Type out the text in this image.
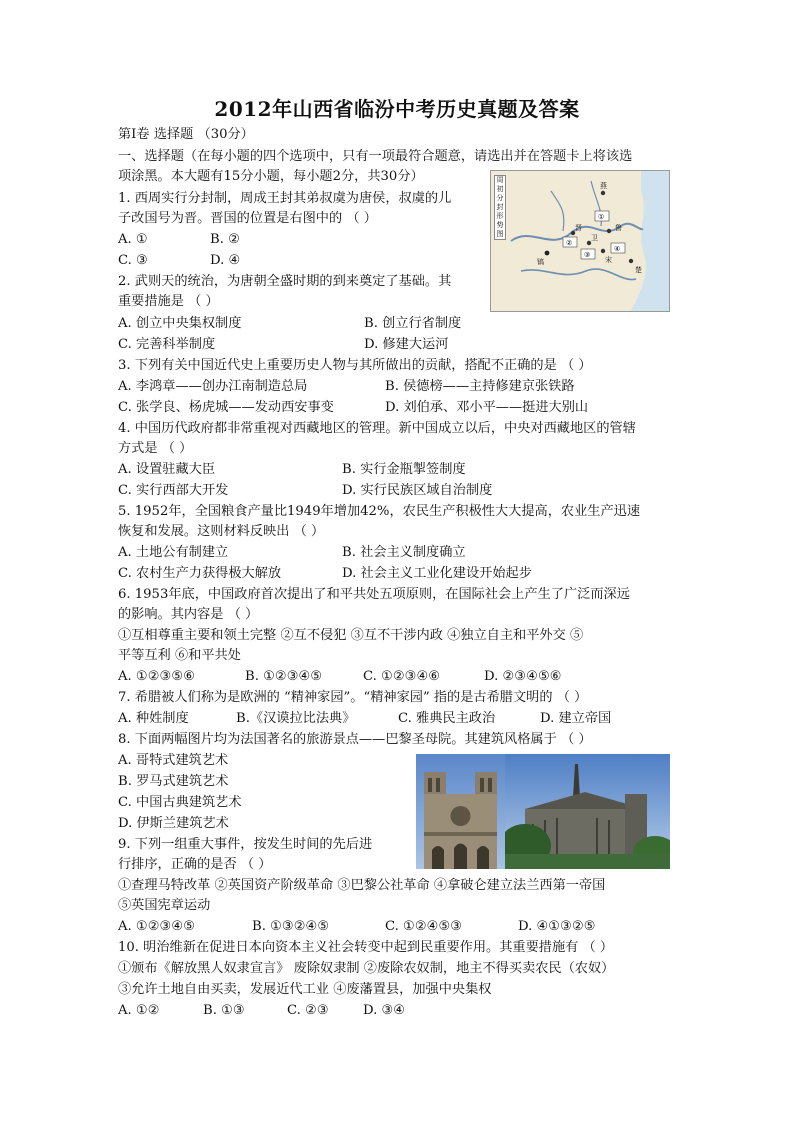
2012年山西省临汾中考历史真题及答案
第Ⅰ卷 选择题 （30分）
一、选择题（在每小题的四个选项中，只有一项最符合题意，请选出并在答题卡上将该选
项涂黑。本大题有15分小题，每小题2分，共30分）
①
②
③
④
周初分封形势图
燕
晋	鲁
卫
宋
镐
楚
1. 西周实行分封制，周成王封其弟叔虞为唐侯，叔虞的儿
子改国号为晋。晋国的位置是右图中的 （ ）
A. ①	B. ②
C. ③	D. ④
2. 武则天的统治，为唐朝全盛时期的到来奠定了基础。其
重要措施是 （ ）
A. 创立中央集权制度	B. 创立行省制度
C. 完善科举制度	D. 修建大运河
3. 下列有关中国近代史上重要历史人物与其所做出的贡献，搭配不正确的是 （ ）
A. 李鸿章——创办江南制造总局	B. 侯德榜——主持修建京张铁路
C. 张学良、杨虎城——发动西安事变	D. 刘伯承、邓小平——挺进大别山
4. 中国历代政府都非常重视对西藏地区的管理。新中国成立以后，中央对西藏地区的管辖
方式是 （ ）
A. 设置驻藏大臣	B. 实行金瓶掣签制度
C. 实行西部大开发	D. 实行民族区域自治制度
5. 1952年，全国粮食产量比1949年增加42%，农民生产积极性大大提高，农业生产迅速
恢复和发展。这则材料反映出 （ ）
A. 土地公有制建立	B. 社会主义制度确立
C. 农村生产力获得极大解放	D. 社会主义工业化建设开始起步
6. 1953年底，中国政府首次提出了和平共处五项原则，在国际社会上产生了广泛而深远
的影响。其内容是 （ ）
①互相尊重主要和领土完整 ②互不侵犯 ③互不干涉内政 ④独立自主和平外交 ⑤
平等互利 ⑥和平共处
A. ①②③⑤⑥	B. ①②③④⑤	C. ①②③④⑥	D. ②③④⑤⑥
7. 希腊被人们称为是欧洲的 “精神家园”。“精神家园” 指的是古希腊文明的 （ ）
A. 种姓制度	B.《汉谟拉比法典》	C. 雅典民主政治	D. 建立帝国
8. 下面两幅图片均为法国著名的旅游景点——巴黎圣母院。其建筑风格属于 （ ）
A. 哥特式建筑艺术
B. 罗马式建筑艺术
C. 中国古典建筑艺术
D. 伊斯兰建筑艺术
9. 下列一组重大事件，按发生时间的先后进
行排序，正确的是否 （ ）
①查理马特改革 ②英国资产阶级革命 ③巴黎公社革命 ④拿破仑建立法兰西第一帝国
⑤英国宪章运动
A. ①②③④⑤	B. ①③②④⑤	C. ①②④⑤③	D. ④①③②⑤
10. 明治维新在促进日本向资本主义社会转变中起到民重要作用。其重要措施有 （ ）
①颁布《解放黑人奴隶宣言》 废除奴隶制 ②废除农奴制，地主不得买卖农民（农奴）
③允许土地自由买卖，发展近代工业 ④废藩置县，加强中央集权
A. ①②	B. ①③	C. ②③	D. ③④
